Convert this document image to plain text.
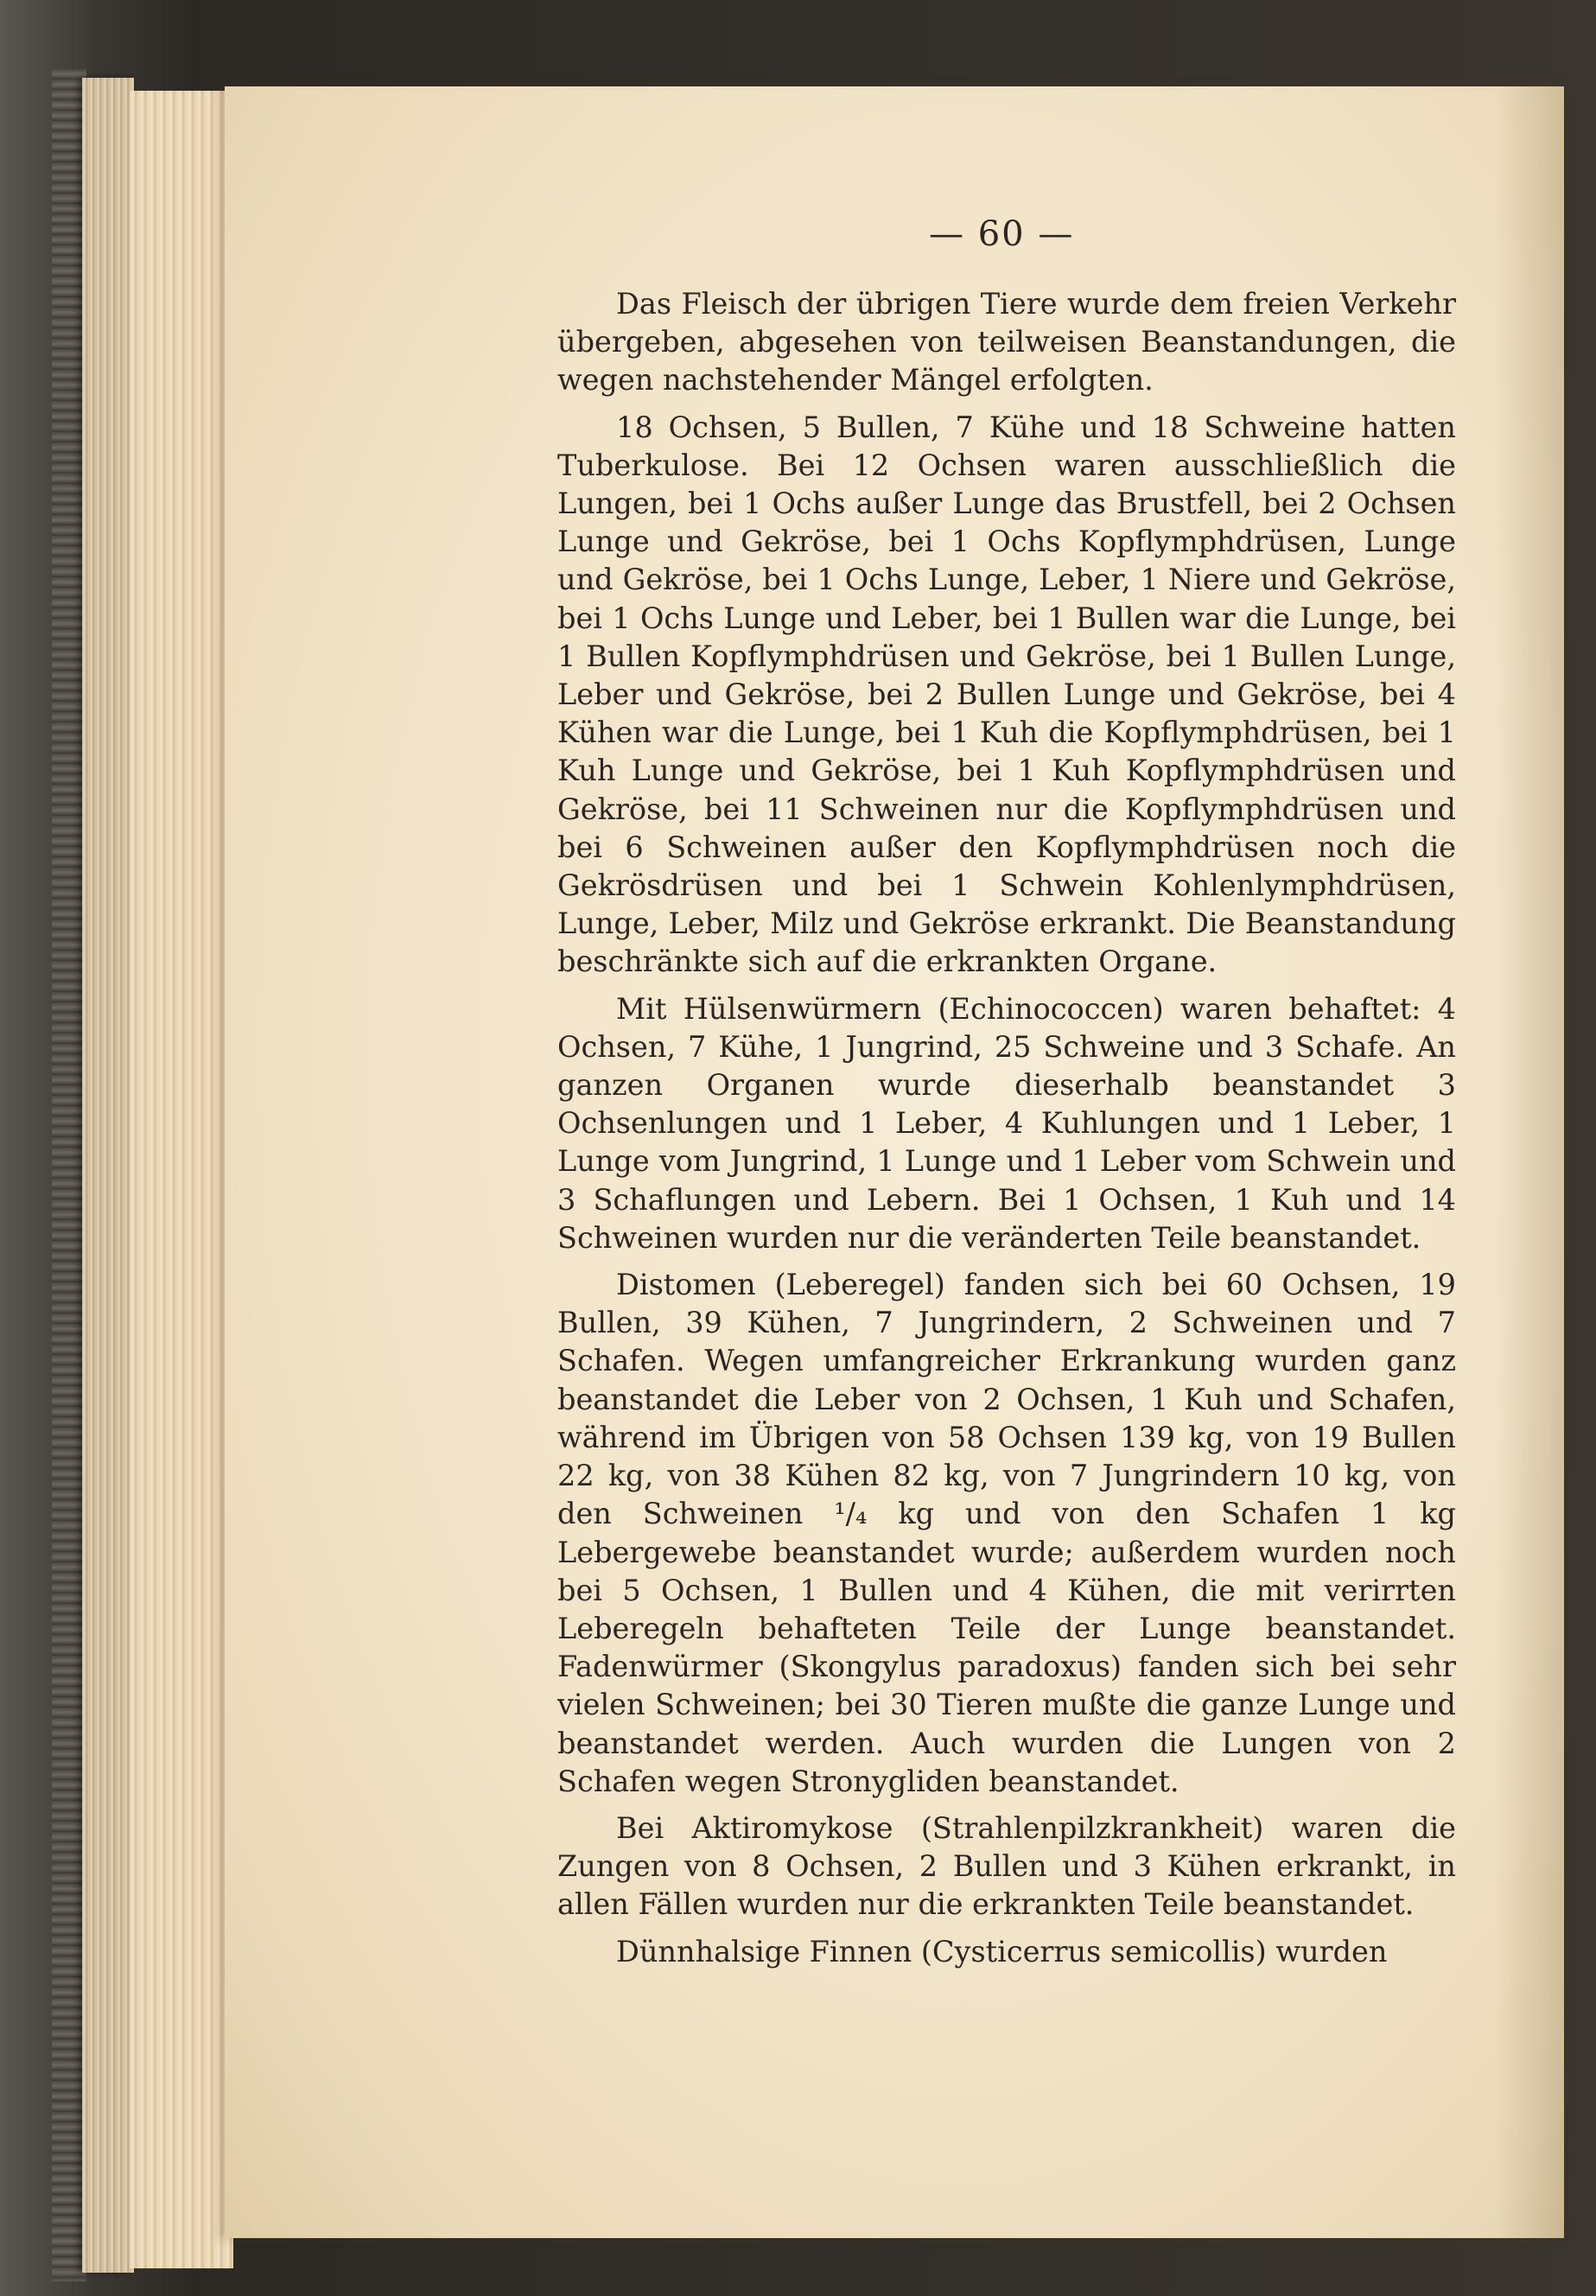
— 60 —

Das Fleisch der übrigen Tiere wurde dem freien Verkehr übergeben, abgesehen von teilweisen Beanstandungen, die wegen nachstehender Mängel erfolgten.

18 Ochsen, 5 Bullen, 7 Kühe und 18 Schweine hatten Tuberkulose. Bei 12 Ochsen waren ausschließlich die Lungen, bei 1 Ochs außer Lunge das Brustfell, bei 2 Ochsen Lunge und Gekröse, bei 1 Ochs Kopflymphdrüsen, Lunge und Gekröse, bei 1 Ochs Lunge, Leber, 1 Niere und Gekröse, bei 1 Ochs Lunge und Leber, bei 1 Bullen war die Lunge, bei 1 Bullen Kopflymphdrüsen und Gekröse, bei 1 Bullen Lunge, Leber und Gekröse, bei 2 Bullen Lunge und Gekröse, bei 4 Kühen war die Lunge, bei 1 Kuh die Kopflymphdrüsen, bei 1 Kuh Lunge und Gekröse, bei 1 Kuh Kopflymphdrüsen und Gekröse, bei 11 Schweinen nur die Kopflymphdrüsen und bei 6 Schweinen außer den Kopflymphdrüsen noch die Gekrösdrüsen und bei 1 Schwein Kohlenlymphdrüsen, Lunge, Leber, Milz und Gekröse erkrankt. Die Beanstandung beschränkte sich auf die erkrankten Organe.

Mit Hülsenwürmern (Echinococcen) waren behaftet: 4 Ochsen, 7 Kühe, 1 Jungrind, 25 Schweine und 3 Schafe. An ganzen Organen wurde dieserhalb beanstandet 3 Ochsenlungen und 1 Leber, 4 Kuhlungen und 1 Leber, 1 Lunge vom Jungrind, 1 Lunge und 1 Leber vom Schwein und 3 Schaflungen und Lebern. Bei 1 Ochsen, 1 Kuh und 14 Schweinen wurden nur die veränderten Teile beanstandet.

Distomen (Leberegel) fanden sich bei 60 Ochsen, 19 Bullen, 39 Kühen, 7 Jungrindern, 2 Schweinen und 7 Schafen. Wegen umfangreicher Erkrankung wurden ganz beanstandet die Leber von 2 Ochsen, 1 Kuh und Schafen, während im Übrigen von 58 Ochsen 139 kg, von 19 Bullen 22 kg, von 38 Kühen 82 kg, von 7 Jungrindern 10 kg, von den Schweinen ¹/₄ kg und von den Schafen 1 kg Lebergewebe beanstandet wurde; außerdem wurden noch bei 5 Ochsen, 1 Bullen und 4 Kühen, die mit verirrten Leberegeln behafteten Teile der Lunge beanstandet. Fadenwürmer (Skongylus paradoxus) fanden sich bei sehr vielen Schweinen; bei 30 Tieren mußte die ganze Lunge und beanstandet werden. Auch wurden die Lungen von 2 Schafen wegen Stronygliden beanstandet.

Bei Aktiromykose (Strahlenpilzkrankheit) waren die Zungen von 8 Ochsen, 2 Bullen und 3 Kühen erkrankt, in allen Fällen wurden nur die erkrankten Teile beanstandet.

Dünnhalsige Finnen (Cysticerrus semicollis) wurden
